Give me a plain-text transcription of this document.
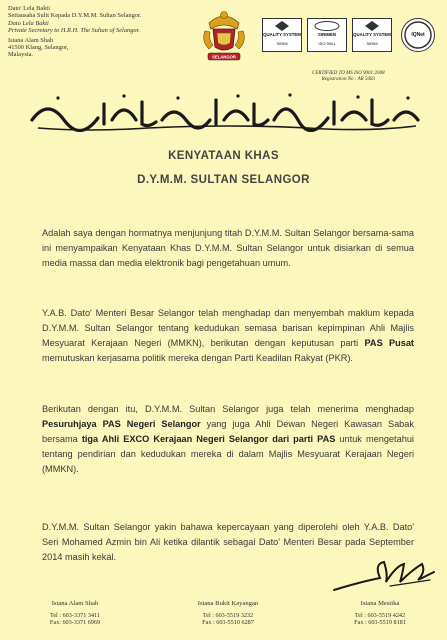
Dato' Lela Bakti
Setiausaha Sulit Kepada D.Y.M.M. Sultan Selangor.
Dato Lela Bakti
Private Secretary to H.R.H. The Sultan of Selangor.
Istana Alam Shah
41500 Klang, Selangor,
Malaysia.	SELANGOR
QUALITY SYSTEM
SIRIM
SIRIMEN
ISO 9001
QUALITY SYSTEM
SIRIM
IQNet
CERTIFIED TO MS ISO 9001:2008
Registration No : AR 5083
ڤجابت دولي يڠ مها مليا سلطان سلاڠور
KENYATAAN KHAS
D.Y.M.M. SULTAN SELANGOR
Adalah saya dengan hormatnya menjunjung titah D.Y.M.M. Sultan Selangor bersama-sama ini menyampaikan Kenyataan Khas D.Y.M.M. Sultan Selangor untuk disiarkan di semua media massa dan media elektronik bagi pengetahuan umum.
Y.A.B. Dato' Menteri Besar Selangor telah menghadap dan menyembah maklum kepada D.Y.M.M. Sultan Selangor tentang kedudukan semasa barisan kepimpinan Ahli Majlis Mesyuarat Kerajaan Negeri (MMKN), berikutan dengan keputusan parti PAS Pusat memutuskan kerjasama politik mereka dengan Parti Keadilan Rakyat (PKR).
Berikutan dengan itu, D.Y.M.M. Sultan Selangor juga telah menerima menghadap Pesuruhjaya PAS Negeri Selangor yang juga Ahli Dewan Negeri Kawasan Sabak bersama tiga Ahli EXCO Kerajaan Negeri Selangor dari parti PAS untuk mengetahui tentang pendirian dan kedudukan mereka di dalam Majlis Mesyuarat Kerajaan Negeri (MMKN).
D.Y.M.M. Sultan Selangor yakin bahawa kepercayaan yang diperolehi oleh Y.A.B. Dato' Seri Mohamed Azmin bin Ali ketika dilantik sebagai Dato' Menteri Besar pada September 2014 masih kekal.
Istana Alam Shah
Tel : 603-3371 3411
Fax: 603-3371 6969
Istana Bukit Kayangan
Tel : 603-5519 3232
Fax : 603-5510 6287
Istana Mestika
Tel : 603-5519 4242
Fax : 603-5519 8181
